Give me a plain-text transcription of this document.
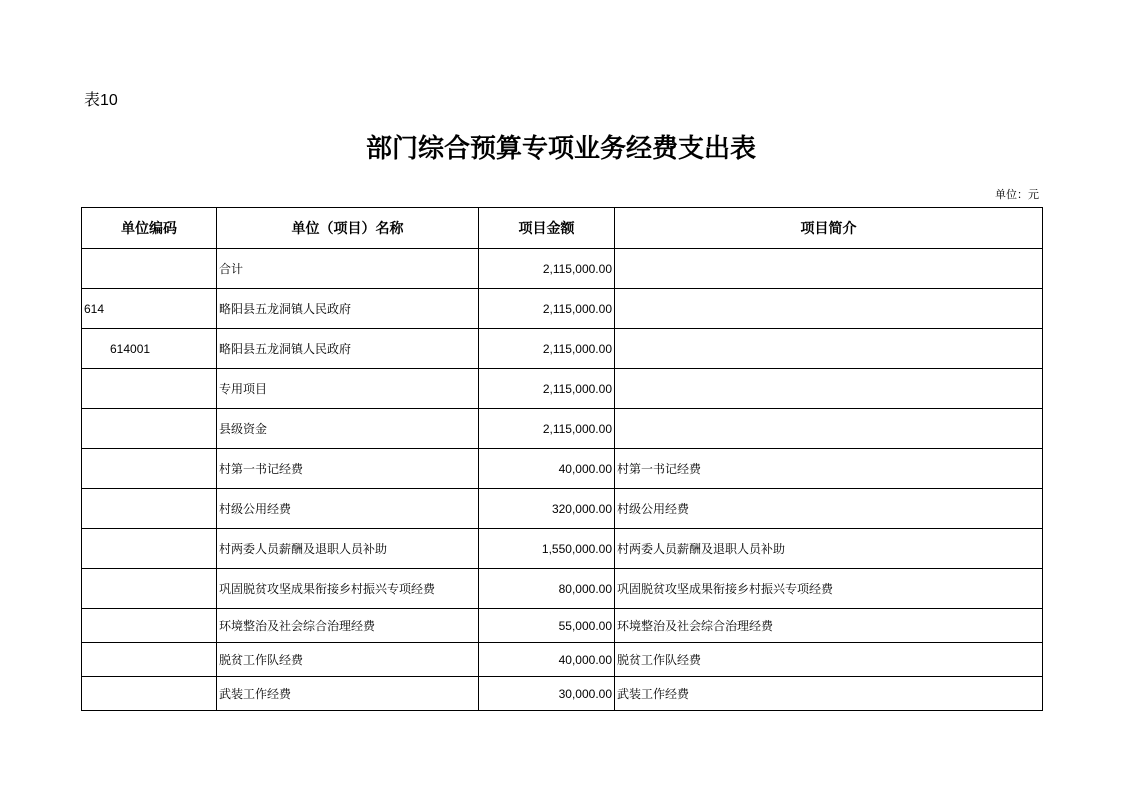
表10
部门综合预算专项业务经费支出表
单位：元
单位编码	单位（项目）名称	项目金额	项目简介
	合计	2,115,000.00	
614	略阳县五龙洞镇人民政府	2,115,000.00	
614001	略阳县五龙洞镇人民政府	2,115,000.00	
	专用项目	2,115,000.00	
	县级资金	2,115,000.00	
	村第一书记经费	40,000.00	村第一书记经费
	村级公用经费	320,000.00	村级公用经费
	村两委人员薪酬及退职人员补助	1,550,000.00	村两委人员薪酬及退职人员补助
	巩固脱贫攻坚成果衔接乡村振兴专项经费	80,000.00	巩固脱贫攻坚成果衔接乡村振兴专项经费
	环境整治及社会综合治理经费	55,000.00	环境整治及社会综合治理经费
	脱贫工作队经费	40,000.00	脱贫工作队经费
	武装工作经费	30,000.00	武装工作经费
